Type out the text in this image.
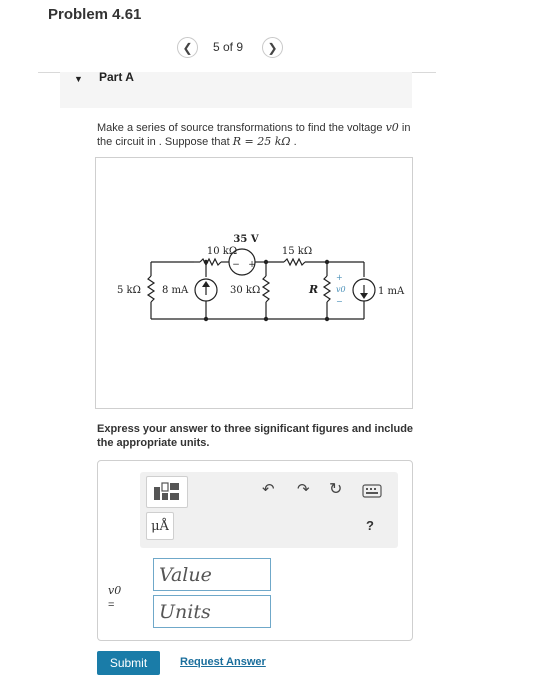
Problem 4.61
❮ 5 of 9 ❯
▼ Part A
Make a series of source transformations to find the voltage v0 in the circuit in . Suppose that R = 25 kΩ .
+
−
35 V
10 kΩ	15 kΩ
5 kΩ 8 mA	30 kΩ	R
+
v0
−
1 mA
Express your answer to three significant figures and include the appropriate units.
μÅ
↶ ↷ ↻
?
v0
=
Value
Units
Submit	Request Answer
